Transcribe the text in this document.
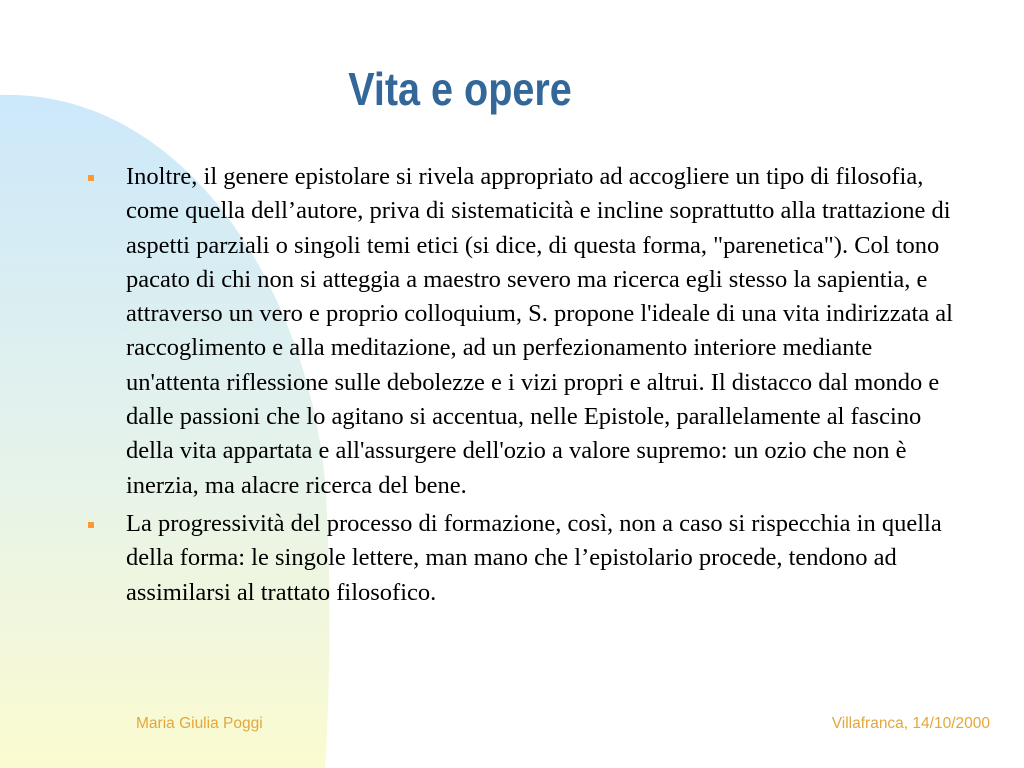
Vita e opere
Inoltre, il genere epistolare si rivela appropriato ad accogliere un tipo di filosofia, come quella dell’autore, priva di sistematicità e incline soprattutto alla trattazione di aspetti parziali o singoli temi etici (si dice, di questa forma, "parenetica"). Col tono pacato di chi non si atteggia a maestro severo ma ricerca egli stesso la sapientia, e attraverso un vero e proprio colloquium, S. propone l'ideale di una vita indirizzata al raccoglimento e alla meditazione, ad un perfezionamento interiore mediante un'attenta riflessione sulle debolezze e i vizi propri e altrui. Il distacco dal mondo e dalle passioni che lo agitano si accentua, nelle Epistole, parallelamente al fascino della vita appartata e all'assurgere dell'ozio a valore supremo: un ozio che non è inerzia, ma alacre ricerca del bene.
La progressività del processo di formazione, così, non a caso si rispecchia in quella della forma: le singole lettere, man mano che l’epistolario procede, tendono ad assimilarsi al trattato filosofico.
Maria Giulia Poggi	Villafranca, 14/10/2000
